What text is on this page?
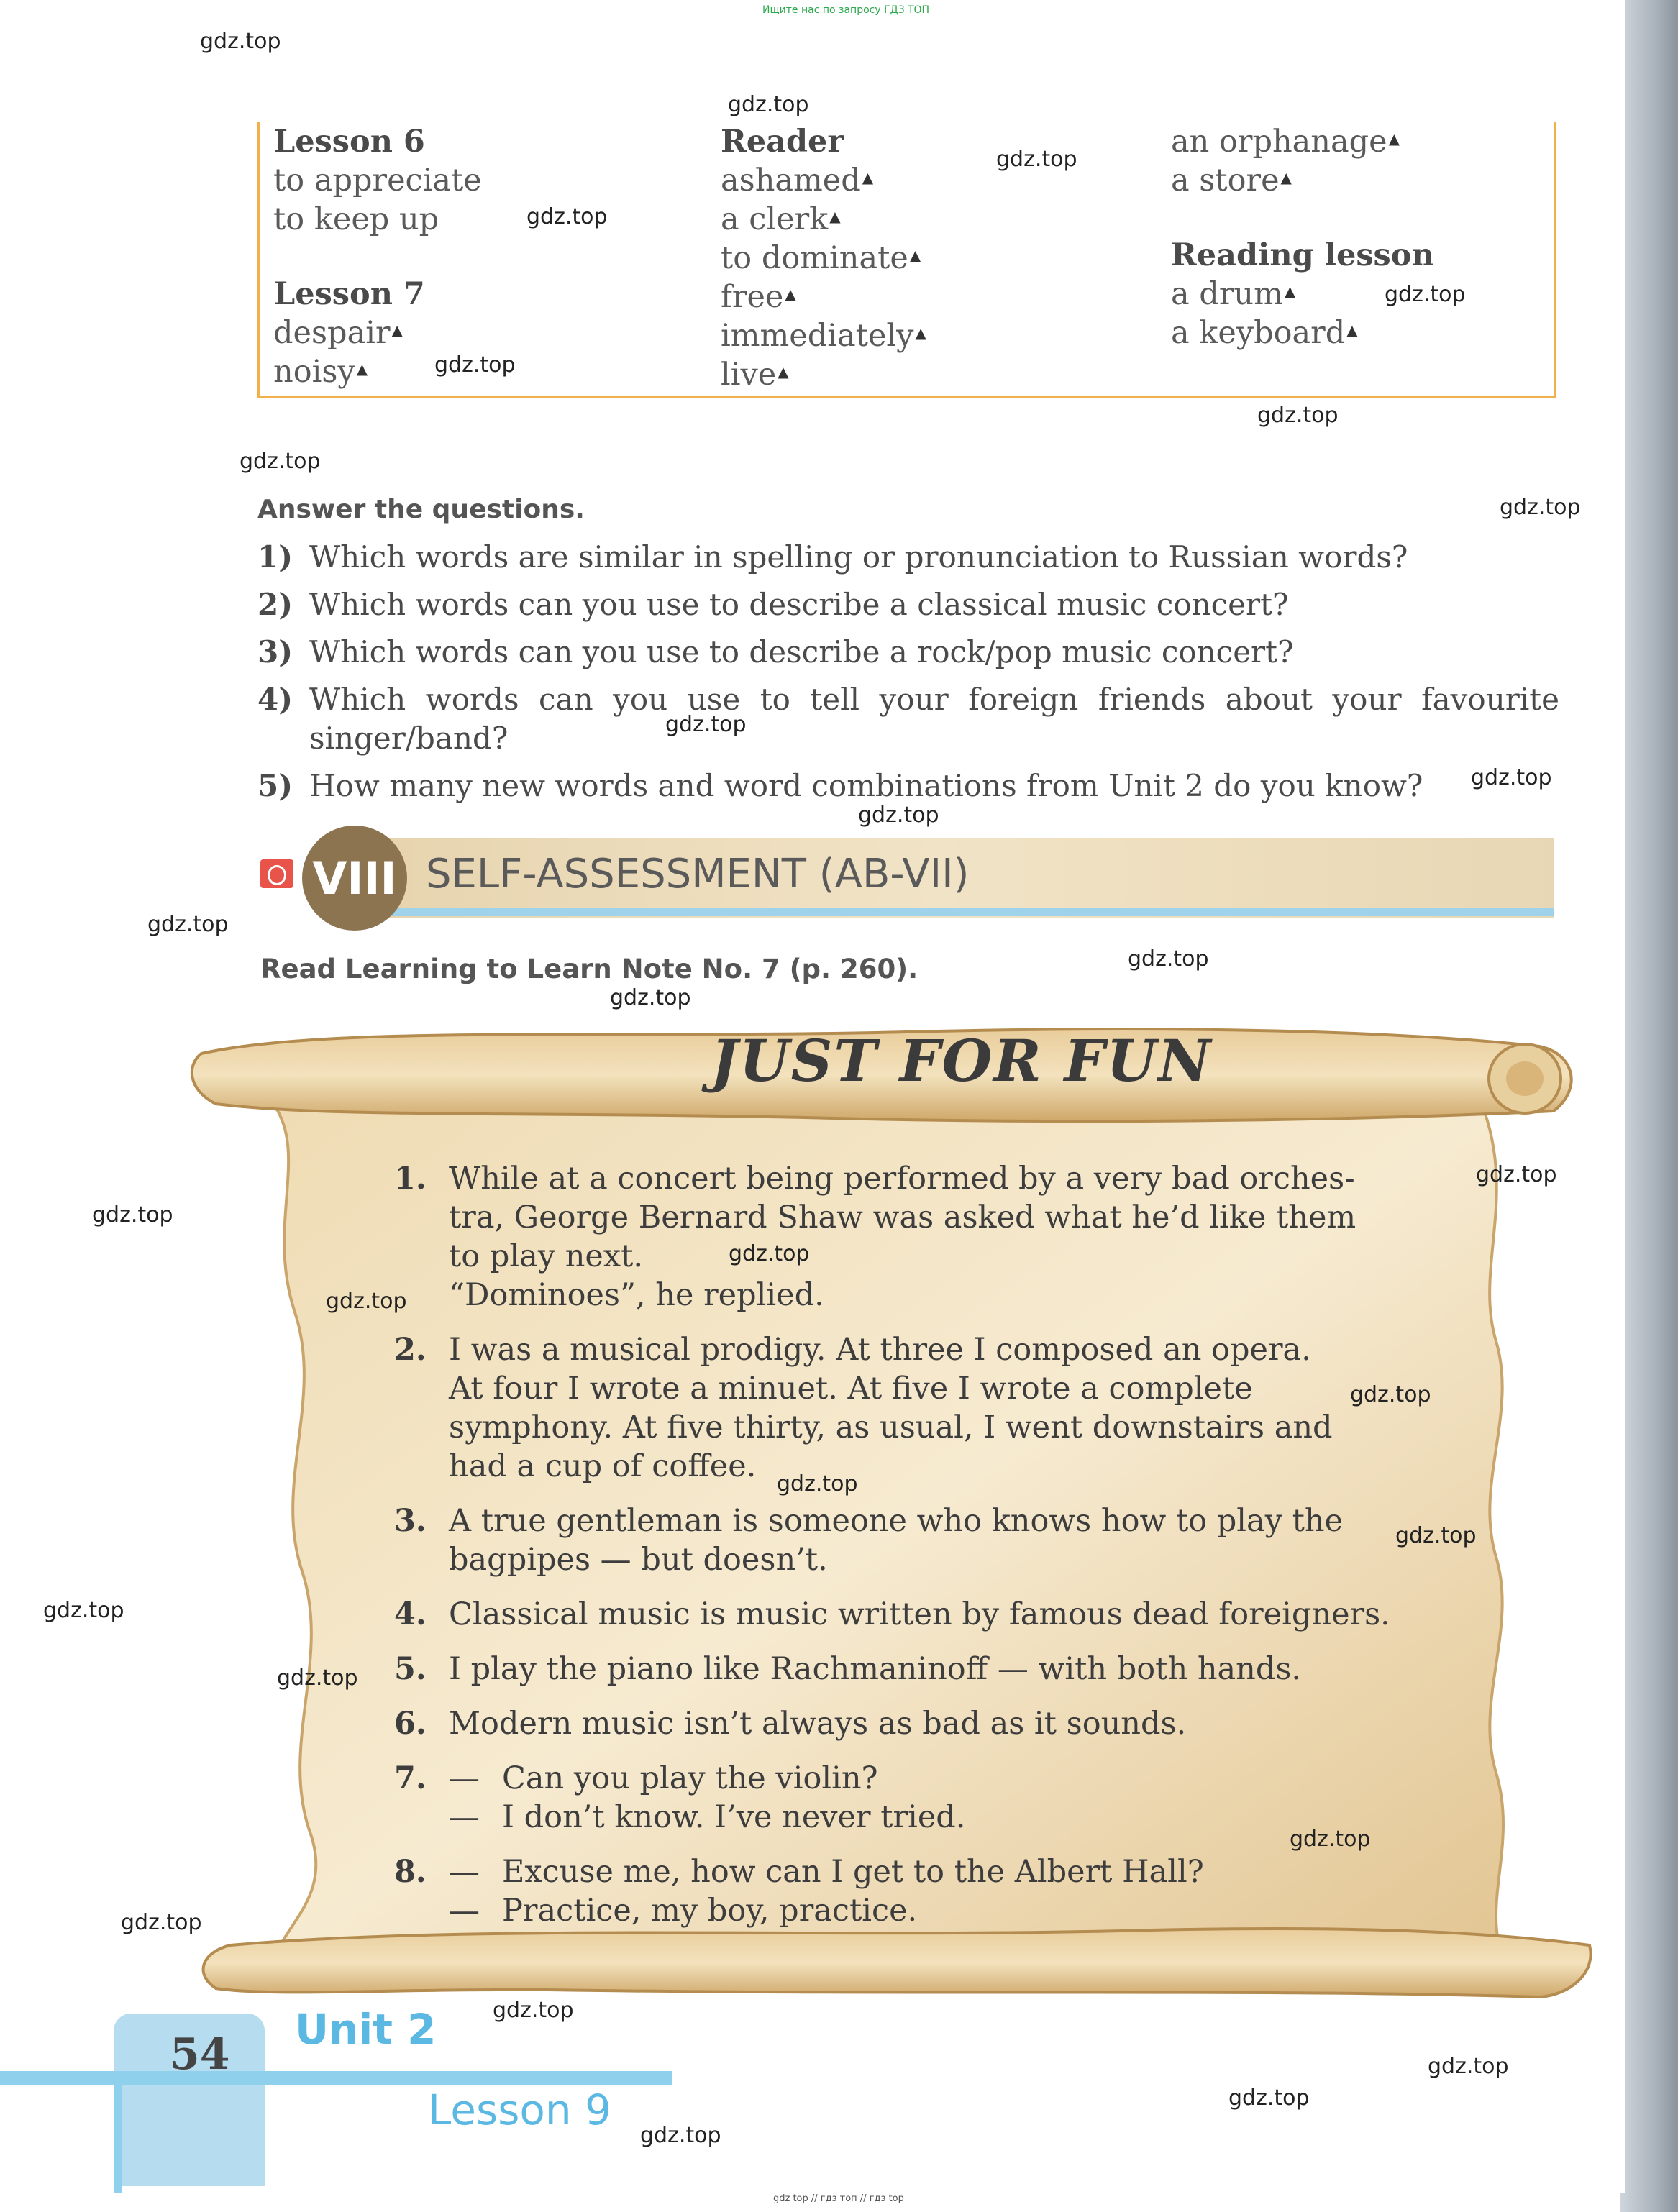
Ищите нас по запросу ГДЗ ТОП
Lesson 6
to appreciate
to keep up
Lesson 7
despair ▲
noisy ▲
Reader
ashamed ▲
a clerk ▲
to dominate ▲
free ▲
immediately ▲
live ▲
an orphanage ▲
a store ▲
Reading lesson
a drum ▲
a keyboard ▲
Answer the questions.
1) Which words are similar in spelling or pronunciation to Russian words?
2) Which words can you use to describe a classical music concert?
3) Which words can you use to describe a rock/pop music concert?
4) Which words can you use to tell your foreign friends about your favourite singer/band?
5) How many new words and word combinations from Unit 2 do you know?
VIII SELF-ASSESSMENT (AB-VII)
Read Learning to Learn Note No. 7 (p. 260).
JUST FOR FUN
1. While at a concert being performed by a very bad orches-
tra, George Bernard Shaw was asked what he’d like them
to play next.
“Dominoes”, he replied.
2. I was a musical prodigy. At three I composed an opera.
At four I wrote a minuet. At five I wrote a complete
symphony. At five thirty, as usual, I went downstairs and
had a cup of coffee.
3. A true gentleman is someone who knows how to play the
bagpipes — but doesn’t.
4. Classical music is music written by famous dead foreigners.
5. I play the piano like Rachmaninoff — with both hands.
6. Modern music isn’t always as bad as it sounds.
7. — Can you play the violin?
— I don’t know. I’ve never tried.
8. — Excuse me, how can I get to the Albert Hall?
— Practice, my boy, practice.
54 Unit 2
Lesson 9
gdz top // гдз топ // гдз top
gdz.top
gdz.top
gdz.top
gdz.top
gdz.top
gdz.top
gdz.top
gdz.top
gdz.top
gdz.top
gdz.top
gdz.top
gdz.top
gdz.top
gdz.top
gdz.top
gdz.top
gdz.top
gdz.top
gdz.top
gdz.top
gdz.top
gdz.top
gdz.top
gdz.top
gdz.top
gdz.top
gdz.top
gdz.top
gdz.top
